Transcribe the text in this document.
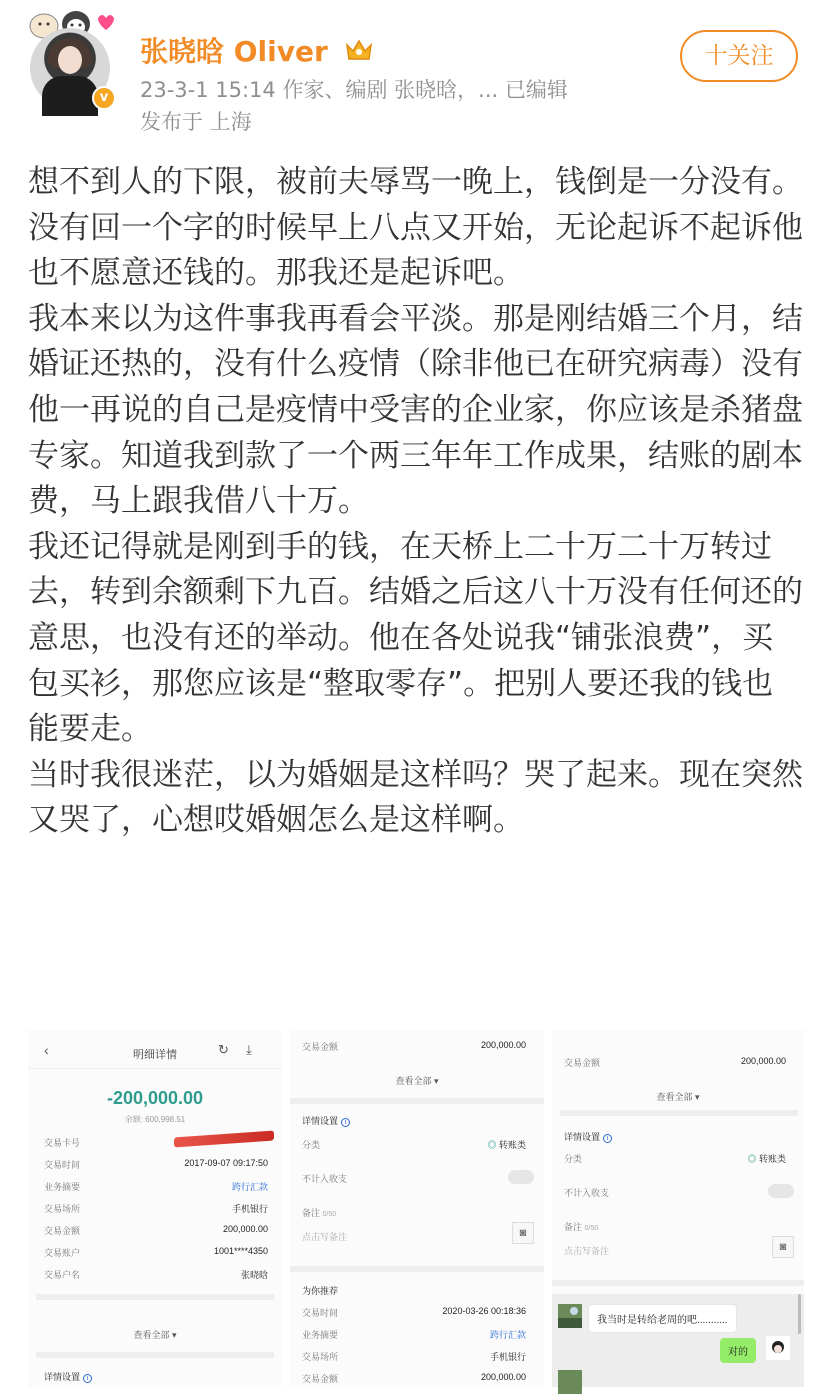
v
张晓晗 Oliver
23-3-1 15:14 作家、编剧 张晓晗，... 已编辑
发布于 上海
十关注

想不到人的下限，被前夫辱骂一晚上，钱倒是一分没有。没有回一个字的时候早上八点又开始，无论起诉不起诉他也不愿意还钱的。那我还是起诉吧。

我本来以为这件事我再看会平淡。那是刚结婚三个月，结婚证还热的，没有什么疫情（除非他已在研究病毒）没有他一再说的自己是疫情中受害的企业家，你应该是杀猪盘专家。知道我到款了一个两三年年工作成果，结账的剧本费，马上跟我借八十万。

我还记得就是刚到手的钱，在天桥上二十万二十万转过去，转到余额剩下九百。结婚之后这八十万没有任何还的意思，也没有还的举动。他在各处说我“铺张浪费”，买包买衫，那您应该是“整取零存”。把别人要还我的钱也能要走。

当时我很迷茫，以为婚姻是这样吗？哭了起来。现在突然又哭了，心想哎婚姻怎么是这样啊。

‹	明细详情	↻ ⤓
-200,000.00
余额: 600,998.51
交易卡号
交易时间	2017-09-07 09:17:50
业务摘要	跨行汇款
交易场所	手机银行
交易金额	200,000.00
交易账户	1001****4350
交易户名	张晓晗
查看全部 ▾
详情设置 i
交易金额	200,000.00
查看全部 ▾
详情设置 i
分类	◎ 转账类
不计入收支
备注 0/50
点击写备注	◙
为你推荐
交易时间	2020-03-26 00:18:36
业务摘要	跨行汇款
交易场所	手机银行
交易金额	200,000.00
交易金额	200,000.00
查看全部 ▾
详情设置 i
分类	◎ 转账类
不计入收支
备注 0/50
点击写备注	◙
我当时是转给老周的吧...........
对的
